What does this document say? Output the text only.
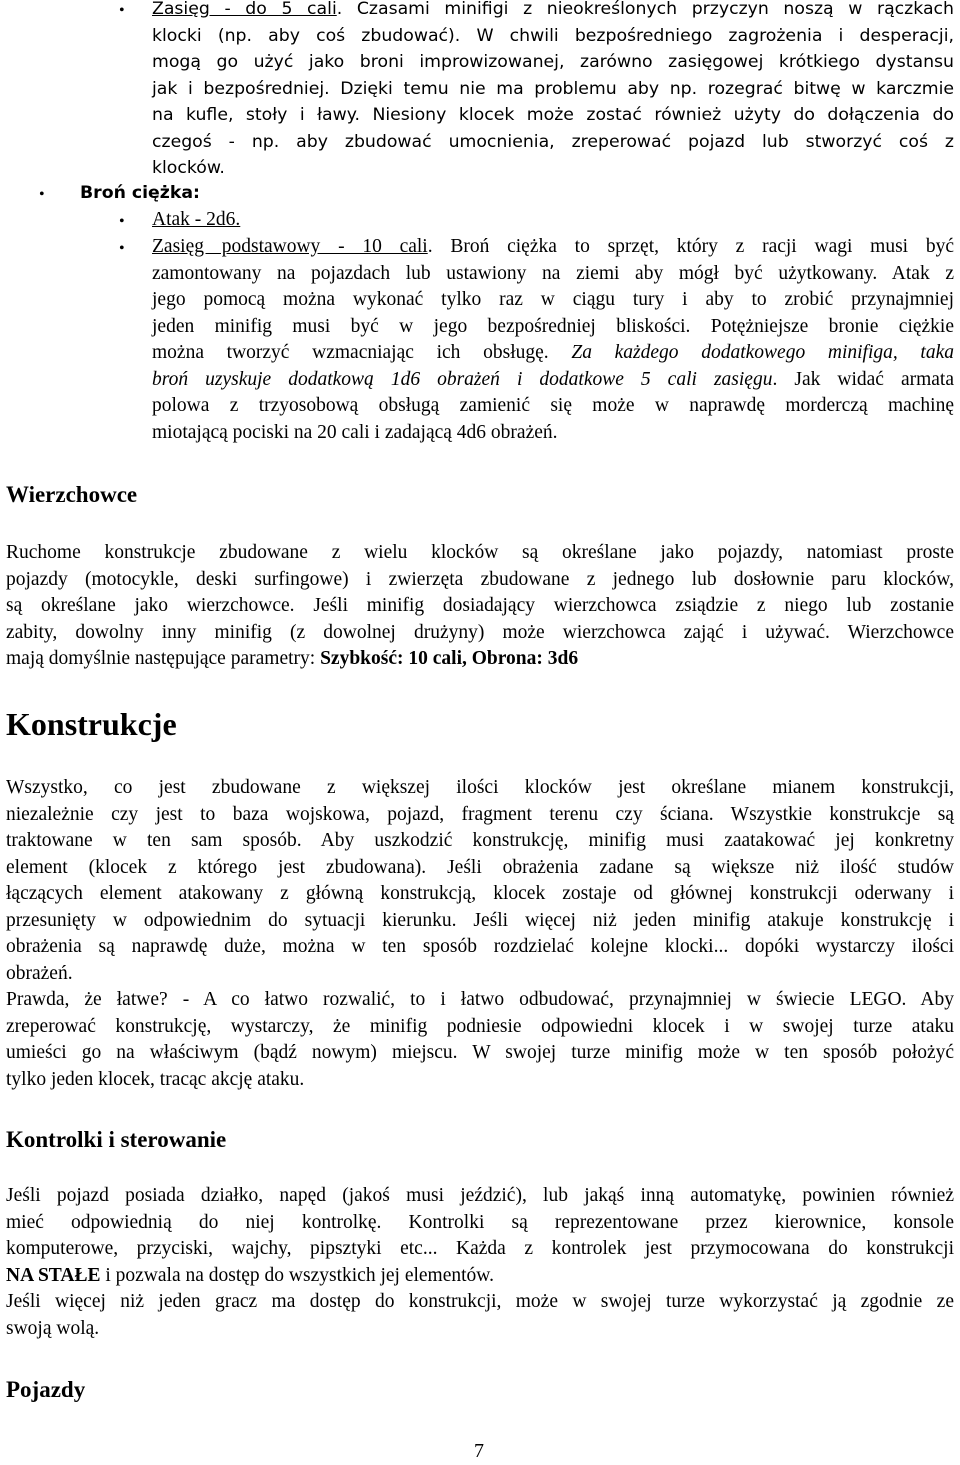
• Zasięg - do 5 cali. Czasami minifigi z nieokreślonych przyczyn noszą w rączkach
klocki (np. aby coś zbudować). W chwili bezpośredniego zagrożenia i desperacji,
mogą go użyć jako broni improwizowanej, zarówno zasięgowej krótkiego dystansu
jak i bezpośredniej. Dzięki temu nie ma problemu aby np. rozegrać bitwę w karczmie
na kufle, stoły i ławy. Niesiony klocek może zostać również użyty do dołączenia do
czegoś - np. aby zbudować umocnienia, zreperować pojazd lub stworzyć coś z
klocków.
• Broń ciężka:
• Atak - 2d6.
• Zasięg podstawowy - 10 cali. Broń ciężka to sprzęt, który z racji wagi musi być
zamontowany na pojazdach lub ustawiony na ziemi aby mógł być użytkowany. Atak z
jego pomocą można wykonać tylko raz w ciągu tury i aby to zrobić przynajmniej
jeden minifig musi być w jego bezpośredniej bliskości. Potężniejsze bronie ciężkie
można tworzyć wzmacniając ich obsługę. Za każdego dodatkowego minifiga, taka
broń uzyskuje dodatkową 1d6 obrażeń i dodatkowe 5 cali zasięgu. Jak widać armata
polowa z trzyosobową obsługą zamienić się może w naprawdę morderczą machinę
miotającą pociski na 20 cali i zadającą 4d6 obrażeń.
Wierzchowce
Ruchome konstrukcje zbudowane z wielu klocków są określane jako pojazdy, natomiast proste
pojazdy (motocykle, deski surfingowe) i zwierzęta zbudowane z jednego lub dosłownie paru klocków,
są określane jako wierzchowce. Jeśli minifig dosiadający wierzchowca zsiądzie z niego lub zostanie
zabity, dowolny inny minifig (z dowolnej drużyny) może wierzchowca zająć i używać. Wierzchowce
mają domyślnie następujące parametry: Szybkość: 10 cali, Obrona: 3d6
Konstrukcje
Wszystko, co jest zbudowane z większej ilości klocków jest określane mianem konstrukcji,
niezależnie czy jest to baza wojskowa, pojazd, fragment terenu czy ściana. Wszystkie konstrukcje są
traktowane w ten sam sposób. Aby uszkodzić konstrukcję, minifig musi zaatakować jej konkretny
element (klocek z którego jest zbudowana). Jeśli obrażenia zadane są większe niż ilość studów
łączących element atakowany z główną konstrukcją, klocek zostaje od głównej konstrukcji oderwany i
przesunięty w odpowiednim do sytuacji kierunku. Jeśli więcej niż jeden minifig atakuje konstrukcję i
obrażenia są naprawdę duże, można w ten sposób rozdzielać kolejne klocki... dopóki wystarczy ilości
obrażeń.
Prawda, że łatwe? - A co łatwo rozwalić, to i łatwo odbudować, przynajmniej w świecie LEGO. Aby
zreperować konstrukcję, wystarczy, że minifig podniesie odpowiedni klocek i w swojej turze ataku
umieści go na właściwym (bądź nowym) miejscu. W swojej turze minifig może w ten sposób położyć
tylko jeden klocek, tracąc akcję ataku.
Kontrolki i sterowanie
Jeśli pojazd posiada działko, napęd (jakoś musi jeździć), lub jakąś inną automatykę, powinien również
mieć odpowiednią do niej kontrolkę. Kontrolki są reprezentowane przez kierownice, konsole
komputerowe, przyciski, wajchy, pipsztyki etc... Każda z kontrolek jest przymocowana do konstrukcji
NA STAŁE i pozwala na dostęp do wszystkich jej elementów.
Jeśli więcej niż jeden gracz ma dostęp do konstrukcji, może w swojej turze wykorzystać ją zgodnie ze
swoją wolą.
Pojazdy
7
